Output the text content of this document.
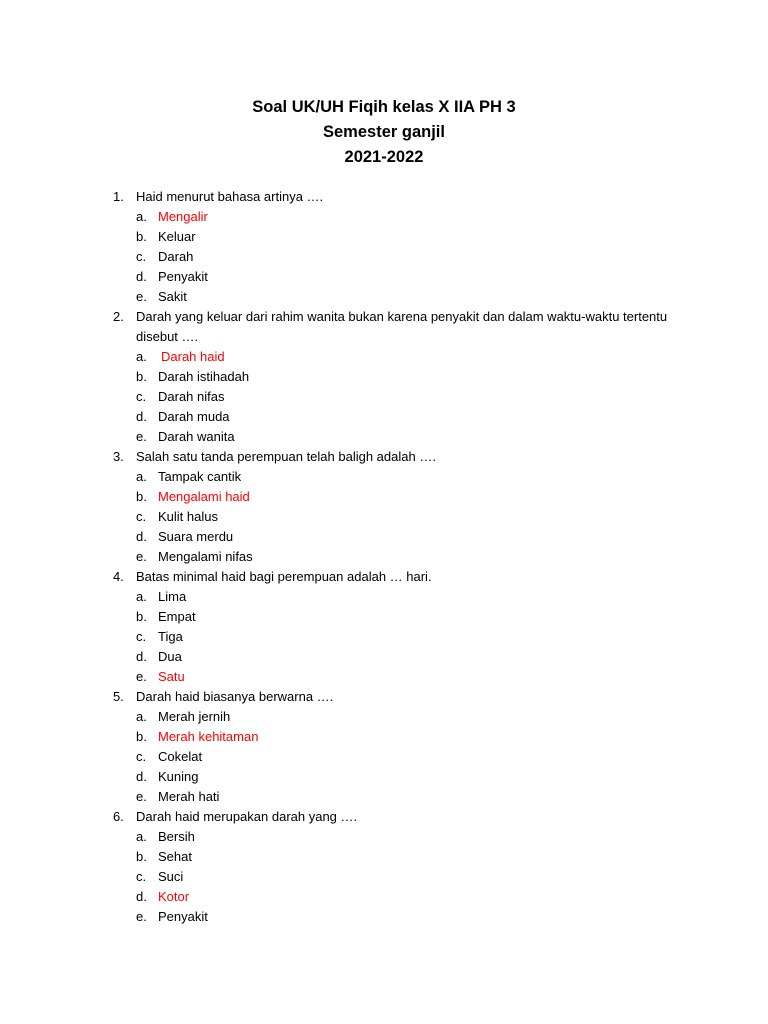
Soal UK/UH Fiqih kelas X IIA PH 3
Semester ganjil
2021-2022
1. Haid menurut bahasa artinya ….
a. Mengalir
b. Keluar
c. Darah
d. Penyakit
e. Sakit
2. Darah yang keluar dari rahim wanita bukan karena penyakit dan dalam waktu-waktu tertentu
disebut ….
a. Darah haid
b. Darah istihadah
c. Darah nifas
d. Darah muda
e. Darah wanita
3. Salah satu tanda perempuan telah baligh adalah ….
a. Tampak cantik
b. Mengalami haid
c. Kulit halus
d. Suara merdu
e. Mengalami nifas
4. Batas minimal haid bagi perempuan adalah … hari.
a. Lima
b. Empat
c. Tiga
d. Dua
e. Satu
5. Darah haid biasanya berwarna ….
a. Merah jernih
b. Merah kehitaman
c. Cokelat
d. Kuning
e. Merah hati
6. Darah haid merupakan darah yang ….
a. Bersih
b. Sehat
c. Suci
d. Kotor
e. Penyakit
